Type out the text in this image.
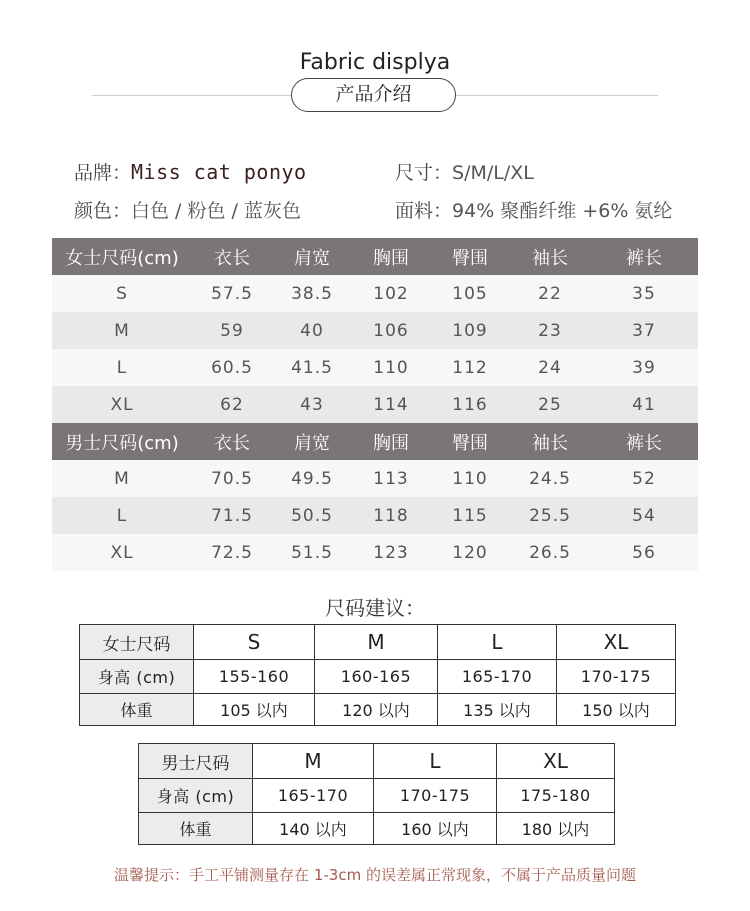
Fabric displya
产品介绍
品牌：Miss cat ponyo	尺寸：S/M/L/XL
颜色：白色 / 粉色 / 蓝灰色	面料：94% 聚酯纤维 +6% 氨纶
女士尺码(cm)	衣长	肩宽	胸围	臀围	袖长	裤长
S	57.5	38.5	102	105	22	35
M	59	40	106	109	23	37
L	60.5	41.5	110	112	24	39
XL	62	43	114	116	25	41
男士尺码(cm)	衣长	肩宽	胸围	臀围	袖长	裤长
M	70.5	49.5	113	110	24.5	52
L	71.5	50.5	118	115	25.5	54
XL	72.5	51.5	123	120	26.5	56
尺码建议：
女士尺码	S	M	L	XL
身高 (cm)	155-160	160-165	165-170	170-175
体重	105 以内	120 以内	135 以内	150 以内
男士尺码	M	L	XL
身高 (cm)	165-170	170-175	175-180
体重	140 以内	160 以内	180 以内
温馨提示：手工平铺测量存在 1-3cm 的误差属正常现象，不属于产品质量问题
